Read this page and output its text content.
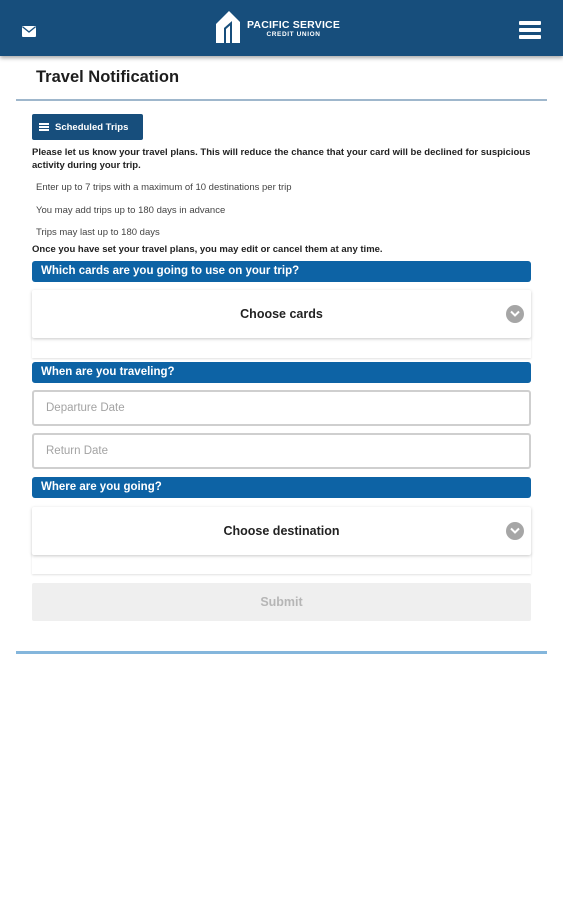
PACIFIC SERVICE
CREDIT UNION
Travel Notification
Scheduled Trips

Please let us know your travel plans. This will reduce the chance that your card will be declined for suspicious activity during your trip.

Enter up to 7 trips with a maximum of 10 destinations per trip
You may add trips up to 180 days in advance
Trips may last up to 180 days
Once you have set your travel plans, you may edit or cancel them at any time.
Which cards are you going to use on your trip?
Choose cards
When are you traveling?
Departure Date
Return Date
Where are you going?
Choose destination
Submit
